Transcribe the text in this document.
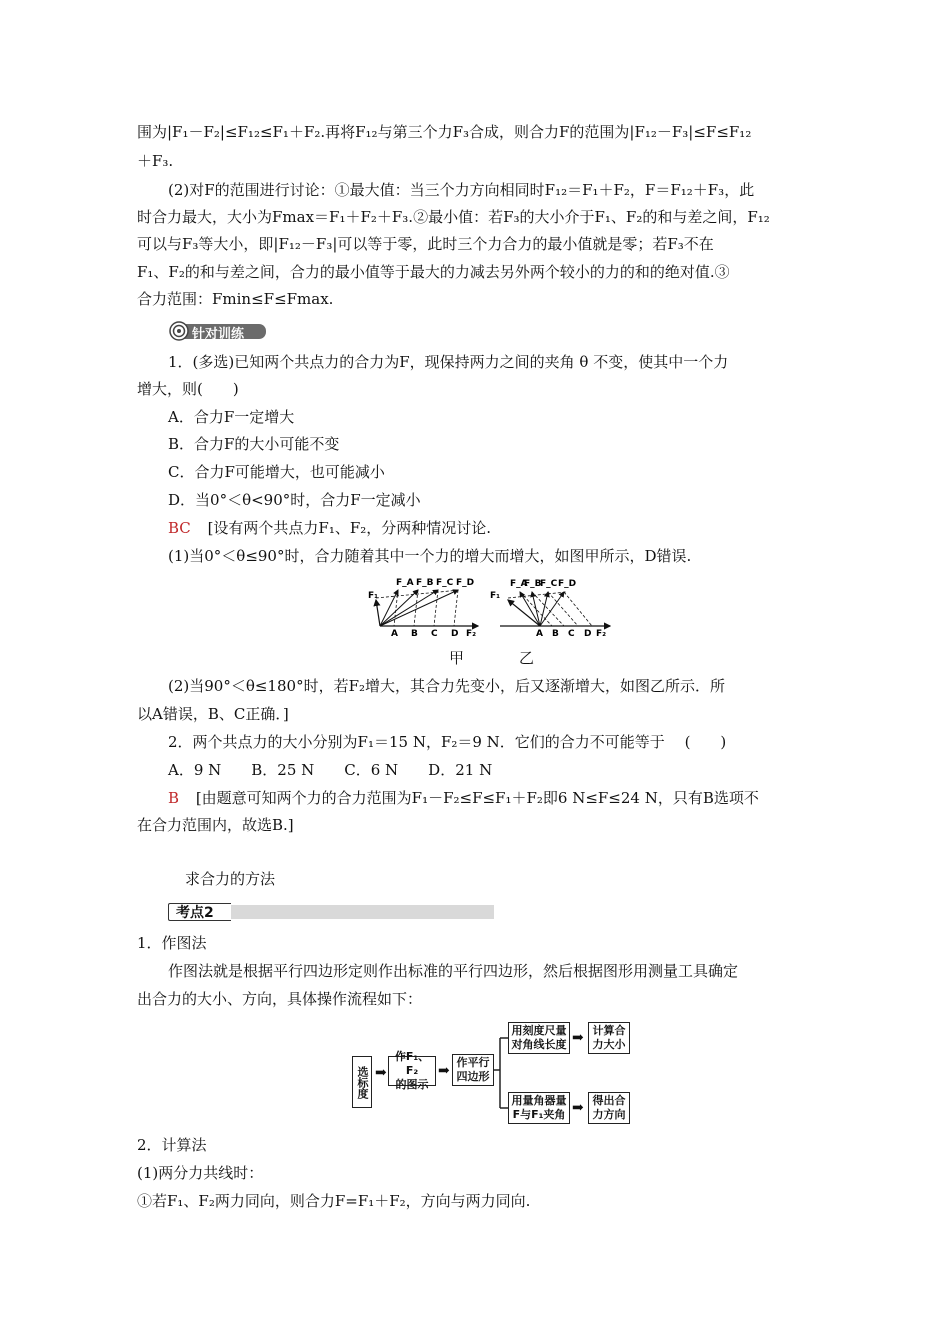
围为|F₁－F₂|≤F₁₂≤F₁＋F₂.再将F₁₂与第三个力F₃合成，则合力F的范围为|F₁₂－F₃|≤F≤F₁₂
＋F₃.
(2)对F的范围进行讨论：①最大值：当三个力方向相同时F₁₂＝F₁＋F₂，F＝F₁₂＋F₃，此
时合力最大，大小为Fmax＝F₁＋F₂＋F₃.②最小值：若F₃的大小介于F₁、F₂的和与差之间，F₁₂
可以与F₃等大小，即|F₁₂－F₃|可以等于零，此时三个力合力的最小值就是零；若F₃不在
F₁、F₂的和与差之间，合力的最小值等于最大的力减去另外两个较小的力的和的绝对值.③
合力范围：Fmin≤F≤Fmax.
针对训练
1．(多选)已知两个共点力的合力为F，现保持两力之间的夹角 θ 不变，使其中一个力
增大，则(　　)
A．合力F一定增大
B．合力F的大小可能不变
C．合力F可能增大，也可能减小
D．当0°＜θ<90°时，合力F一定减小
BC [设有两个共点力F₁、F₂，分两种情况讨论.
(1)当0°＜θ≤90°时，合力随着其中一个力的增大而增大，如图甲所示，D错误.
F₁
F_A F_B F_C F_D
A B C D F₂
F₁
F_A
F_B
F_C F_D
A B C D F₂
甲	乙
(2)当90°＜θ≤180°时，若F₂增大，其合力先变小，后又逐渐增大，如图乙所示．所
以A错误，B、C正确．]
2．两个共点力的大小分别为F₁＝15 N，F₂＝9 N．它们的合力不可能等于　 (　　)
A．9 N　　B．25 N　　C．6 N　　D．21 N
B [由题意可知两个力的合力范围为F₁－F₂≤F≤F₁＋F₂即6 N≤F≤24 N，只有B选项不
在合力范围内，故选B.]
求合力的方法
考点2
1．作图法
作图法就是根据平行四边形定则作出标准的平行四边形，然后根据图形用测量工具确定
出合力的大小、方向，具体操作流程如下：
选标度 ➡
作F₁、F₂
的图示
➡
作平行
四边形
用刻度尺量
对角线长度 ➡ 计算合
力大小
用量角器量
F与F₁夹角 ➡ 得出合
力方向
2．计算法
(1)两分力共线时：
①若F₁、F₂两力同向，则合力F=F₁＋F₂，方向与两力同向.
